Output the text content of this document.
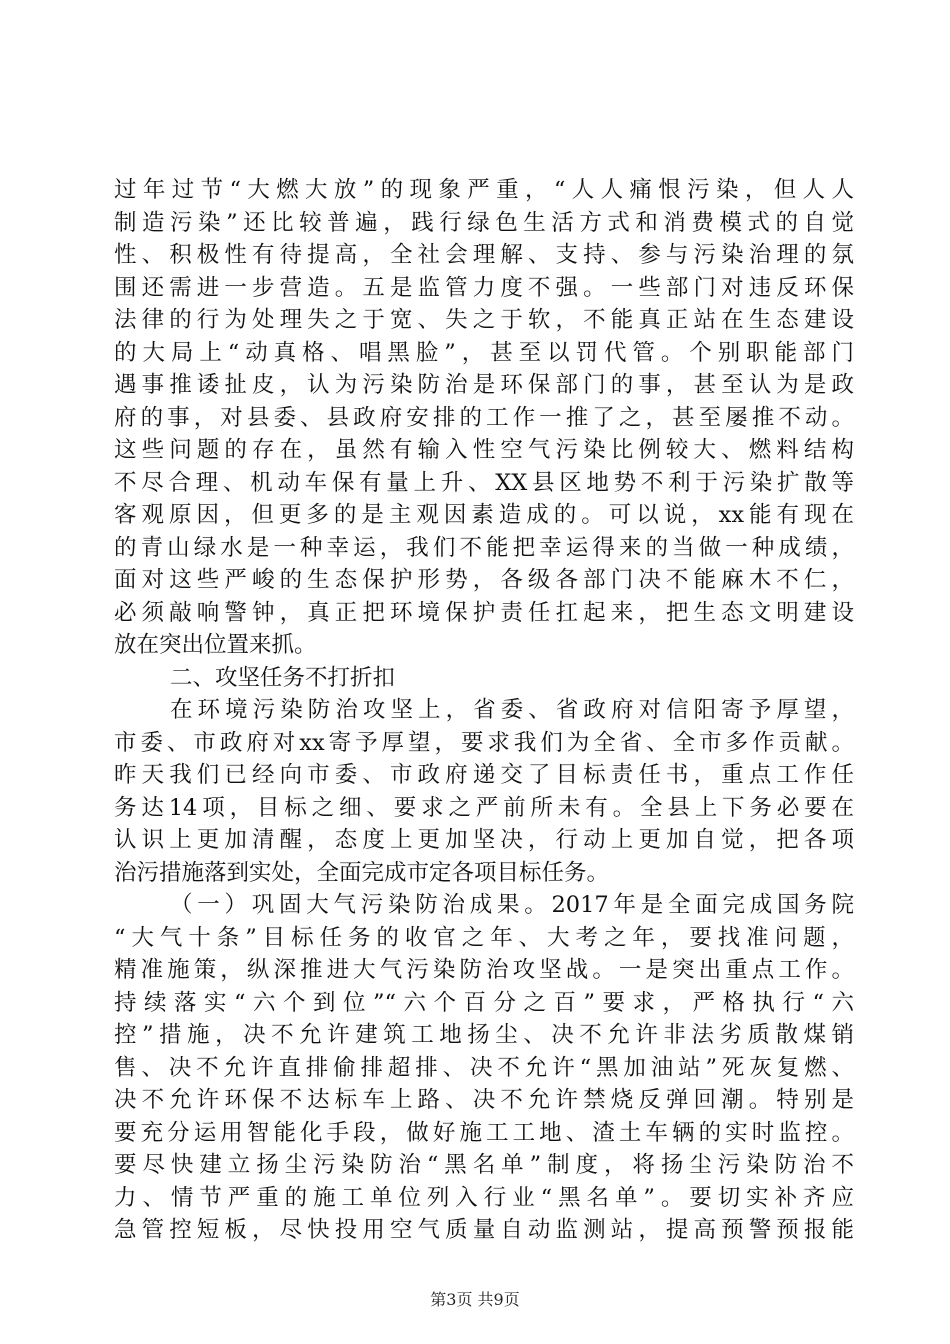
过年过节“大燃大放”的现象严重，“人人痛恨污染，但人人
制造污染”还比较普遍，践行绿色生活方式和消费模式的自觉
性、积极性有待提高，全社会理解、支持、参与污染治理的氛
围还需进一步营造。五是监管力度不强。一些部门对违反环保
法律的行为处理失之于宽、失之于软，不能真正站在生态建设
的大局上“动真格、唱黑脸”，甚至以罚代管。个别职能部门
遇事推诿扯皮，认为污染防治是环保部门的事，甚至认为是政
府的事，对县委、县政府安排的工作一推了之，甚至屡推不动。
这些问题的存在，虽然有输入性空气污染比例较大、燃料结构
不尽合理、机动车保有量上升、XX县区地势不利于污染扩散等
客观原因，但更多的是主观因素造成的。可以说，xx能有现在
的青山绿水是一种幸运，我们不能把幸运得来的当做一种成绩，
面对这些严峻的生态保护形势，各级各部门决不能麻木不仁，
必须敲响警钟，真正把环境保护责任扛起来，把生态文明建设
放在突出位置来抓。
二、攻坚任务不打折扣
在环境污染防治攻坚上，省委、省政府对信阳寄予厚望，
市委、市政府对xx寄予厚望，要求我们为全省、全市多作贡献。
昨天我们已经向市委、市政府递交了目标责任书，重点工作任
务达14项，目标之细、要求之严前所未有。全县上下务必要在
认识上更加清醒，态度上更加坚决，行动上更加自觉，把各项
治污措施落到实处，全面完成市定各项目标任务。
（一）巩固大气污染防治成果。2017年是全面完成国务院
“大气十条”目标任务的收官之年、大考之年，要找准问题，
精准施策，纵深推进大气污染防治攻坚战。一是突出重点工作。
持续落实“六个到位”“六个百分之百”要求，严格执行“六
控”措施，决不允许建筑工地扬尘、决不允许非法劣质散煤销
售、决不允许直排偷排超排、决不允许“黑加油站”死灰复燃、
决不允许环保不达标车上路、决不允许禁烧反弹回潮。特别是
要充分运用智能化手段，做好施工工地、渣土车辆的实时监控。
要尽快建立扬尘污染防治“黑名单”制度，将扬尘污染防治不
力、情节严重的施工单位列入行业“黑名单”。要切实补齐应
急管控短板，尽快投用空气质量自动监测站，提高预警预报能
第3页 共9页
